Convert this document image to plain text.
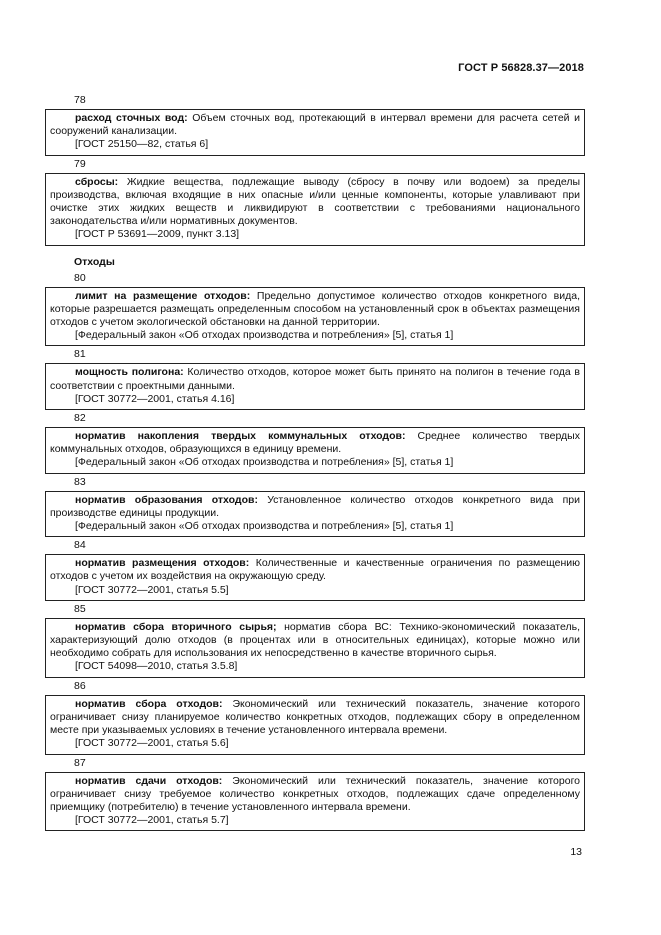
ГОСТ Р 56828.37—2018
78
расход сточных вод: Объем сточных вод, протекающий в интервал времени для расчета сетей и сооружений канализации.
[ГОСТ 25150—82, статья 6]
79
сбросы: Жидкие вещества, подлежащие выводу (сбросу в почву или водоем) за пределы производства, включая входящие в них опасные и/или ценные компоненты, которые улавливают при очистке этих жидких веществ и ликвидируют в соответствии с требованиями национального законодательства и/или нормативных документов.
[ГОСТ Р 53691—2009, пункт 3.13]
Отходы
80
лимит на размещение отходов: Предельно допустимое количество отходов конкретного вида, которые разрешается размещать определенным способом на установленный срок в объектах размещения отходов с учетом экологической обстановки на данной территории.
[Федеральный закон «Об отходах производства и потребления» [5], статья 1]
81
мощность полигона: Количество отходов, которое может быть принято на полигон в течение года в соответствии с проектными данными.
[ГОСТ 30772—2001, статья 4.16]
82
норматив накопления твердых коммунальных отходов: Среднее количество твердых коммунальных отходов, образующихся в единицу времени.
[Федеральный закон «Об отходах производства и потребления» [5], статья 1]
83
норматив образования отходов: Установленное количество отходов конкретного вида при производстве единицы продукции.
[Федеральный закон «Об отходах производства и потребления» [5], статья 1]
84
норматив размещения отходов: Количественные и качественные ограничения по размещению отходов с учетом их воздействия на окружающую среду.
[ГОСТ 30772—2001, статья 5.5]
85
норматив сбора вторичного сырья; норматив сбора ВС: Технико-экономический показатель, характеризующий долю отходов (в процентах или в относительных единицах), которые можно или необходимо собрать для использования их непосредственно в качестве вторичного сырья.
[ГОСТ 54098—2010, статья 3.5.8]
86
норматив сбора отходов: Экономический или технический показатель, значение которого ограничивает снизу планируемое количество конкретных отходов, подлежащих сбору в определенном месте при указываемых условиях в течение установленного интервала времени.
[ГОСТ 30772—2001, статья 5.6]
87
норматив сдачи отходов: Экономический или технический показатель, значение которого ограничивает снизу требуемое количество конкретных отходов, подлежащих сдаче определенному приемщику (потребителю) в течение установленного интервала времени.
[ГОСТ 30772—2001, статья 5.7]
13
